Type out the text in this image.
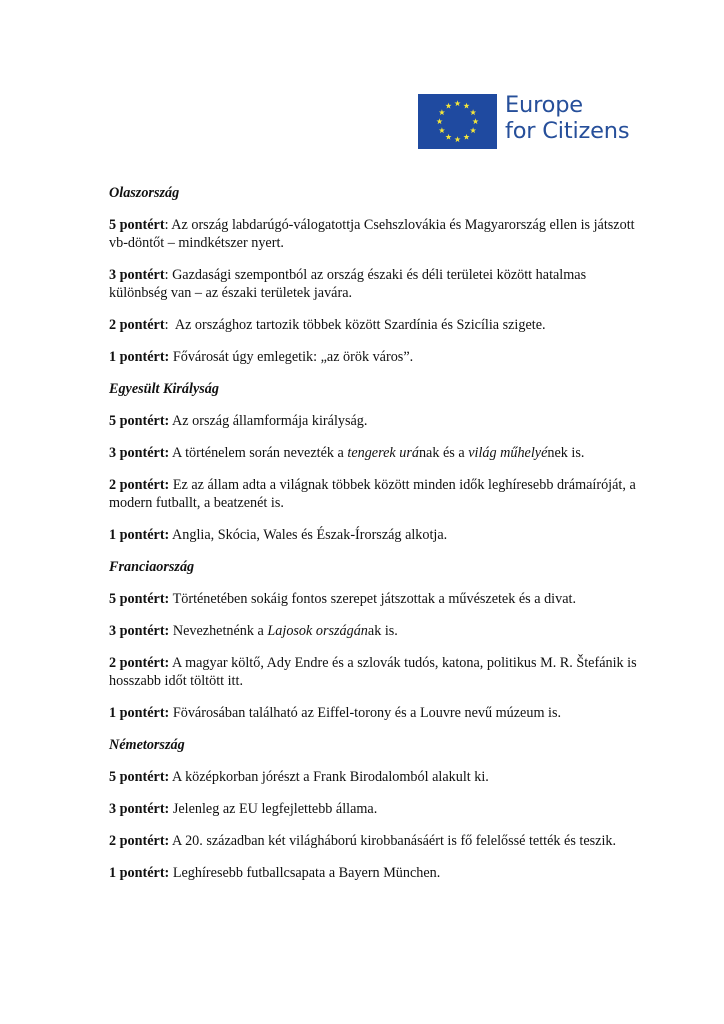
Europe
for Citizens
Olaszország
5 pontért: Az ország labdarúgó-válogatottja Csehszlovákia és Magyarország ellen is játszott vb-döntőt – mindkétszer nyert.
3 pontért: Gazdasági szempontból az ország északi és déli területei között hatalmas különbség van – az északi területek javára.
2 pontért:  Az országhoz tartozik többek között Szardínia és Szicília szigete.
1 pontért: Fővárosát úgy emlegetik: „az örök város”.
Egyesült Királyság
5 pontért: Az ország államformája királyság.
3 pontért: A történelem során nevezték a tengerek urának és a világ műhelyének is.
2 pontért: Ez az állam adta a világnak többek között minden idők leghíresebb drámaíróját, a modern futballt, a beatzenét is.
1 pontért: Anglia, Skócia, Wales és Észak-Írország alkotja.
Franciaország
5 pontért: Történetében sokáig fontos szerepet játszottak a művészetek és a divat.
3 pontért: Nevezhetnénk a Lajosok országának is.
2 pontért: A magyar költő, Ady Endre és a szlovák tudós, katona, politikus M. R. Štefánik is hosszabb időt töltött itt.
1 pontért: Fövárosában található az Eiffel-torony és a Louvre nevű múzeum is.
Németország
5 pontért: A középkorban jórészt a Frank Birodalomból alakult ki.
3 pontért: Jelenleg az EU legfejlettebb állama.
2 pontért: A 20. században két világháború kirobbanásáért is fő felelőssé tették és teszik.
1 pontért: Leghíresebb futballcsapata a Bayern München.
